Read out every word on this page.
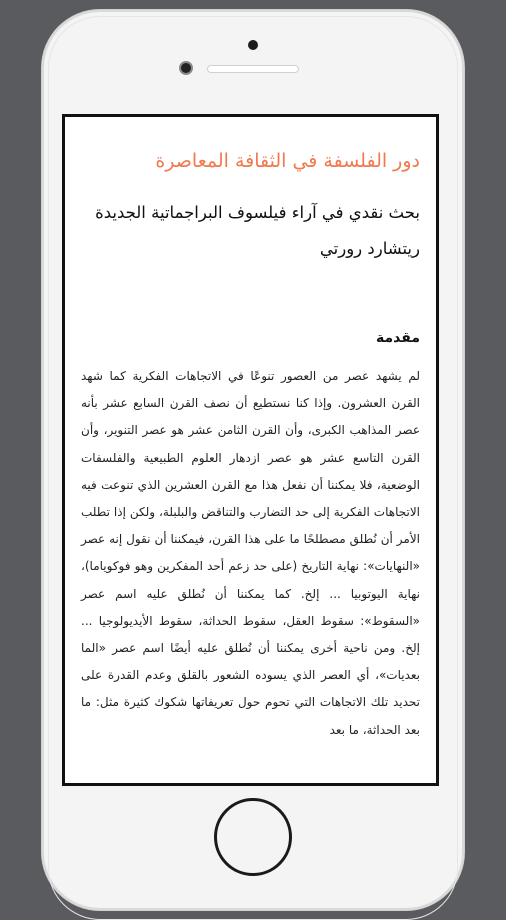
دور الفلسفة في الثقافة المعاصرة
بحث نقدي في آراء فيلسوف البراجماتية الجديدة ريتشارد رورتي
مقدمة

لم يشهد عصر من العصور تنوعًا في الاتجاهات الفكرية كما شهد القرن العشرون. وإذا كنا نستطيع أن نصف القرن السابع عشر بأنه عصر المذاهب الكبرى، وأن القرن الثامن عشر هو عصر التنوير، وأن القرن التاسع عشر هو عصر ازدهار العلوم الطبيعية والفلسفات الوضعية، فلا يمكننا أن نفعل هذا مع القرن العشرين الذي تنوعت فيه الاتجاهات الفكرية إلى حد التضارب والتناقض والبلبلة، ولكن إذا تطلب الأمر أن نُطلق مصطلحًا ما على هذا القرن، فيمكننا أن نقول إنه عصر «النهايات»: نهاية التاريخ (على حد زعم أحد المفكرين وهو فوكوياما)، نهاية اليوتوبيا ... إلخ. كما يمكننا أن نُطلق عليه اسم عصر «السقوط»: سقوط العقل، سقوط الحداثة، سقوط الأيديولوجيا ... إلخ. ومن ناحية أخرى يمكننا أن نُطلق عليه أيضًا اسم عصر «الما بعديات»، أي العصر الذي يسوده الشعور بالقلق وعدم القدرة على تحديد تلك الاتجاهات التي تحوم حول تعريفاتها شكوك كثيرة مثل: ما بعد الحداثة، ما بعد
